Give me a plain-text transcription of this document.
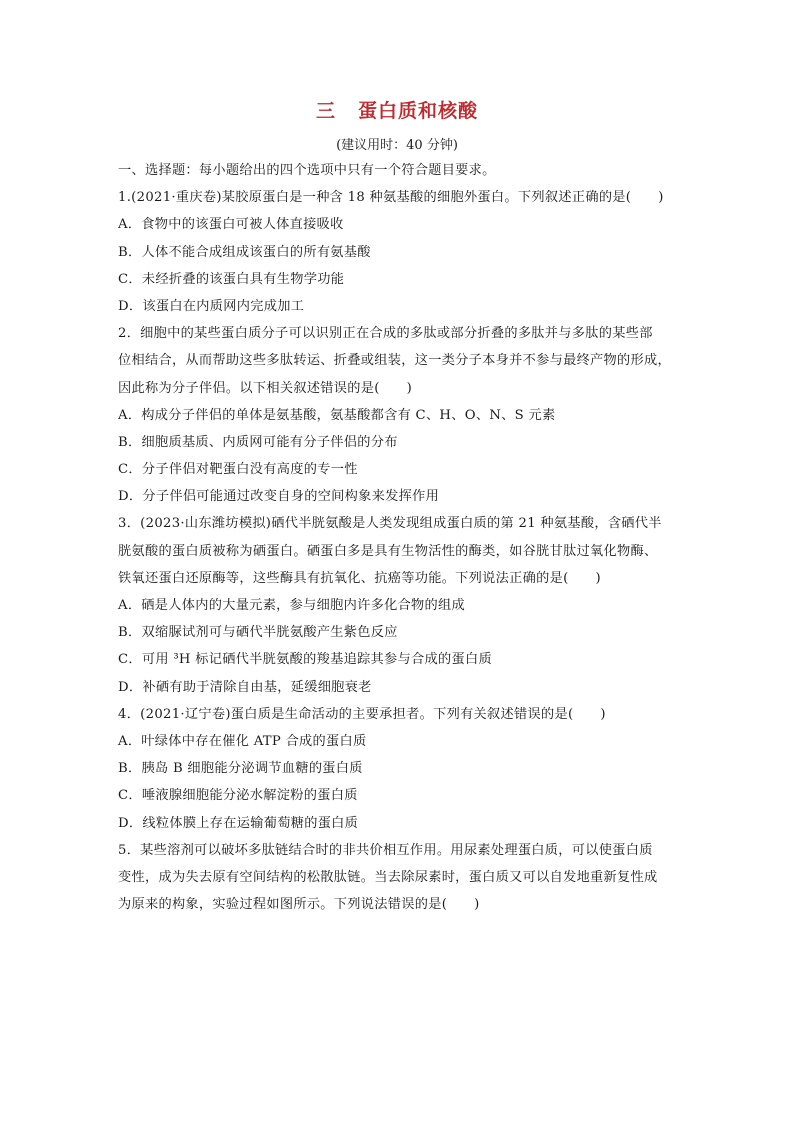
三 蛋白质和核酸
(建议用时：40 分钟)
一、选择题：每小题给出的四个选项中只有一个符合题目要求。
1.(2021·重庆卷)某胶原蛋白是一种含 18 种氨基酸的细胞外蛋白。下列叙述正确的是(　　)
A．食物中的该蛋白可被人体直接吸收
B．人体不能合成组成该蛋白的所有氨基酸
C．未经折叠的该蛋白具有生物学功能
D．该蛋白在内质网内完成加工
2．细胞中的某些蛋白质分子可以识别正在合成的多肽或部分折叠的多肽并与多肽的某些部
位相结合，从而帮助这些多肽转运、折叠或组装，这一类分子本身并不参与最终产物的形成，
因此称为分子伴侣。以下相关叙述错误的是(　　)
A．构成分子伴侣的单体是氨基酸，氨基酸都含有 C、H、O、N、S 元素
B．细胞质基质、内质网可能有分子伴侣的分布
C．分子伴侣对靶蛋白没有高度的专一性
D．分子伴侣可能通过改变自身的空间构象来发挥作用
3．(2023·山东潍坊模拟)硒代半胱氨酸是人类发现组成蛋白质的第 21 种氨基酸，含硒代半
胱氨酸的蛋白质被称为硒蛋白。硒蛋白多是具有生物活性的酶类，如谷胱甘肽过氧化物酶、
铁氧还蛋白还原酶等，这些酶具有抗氧化、抗癌等功能。下列说法正确的是(　　)
A．硒是人体内的大量元素，参与细胞内许多化合物的组成
B．双缩脲试剂可与硒代半胱氨酸产生紫色反应
C．可用 ³H 标记硒代半胱氨酸的羧基追踪其参与合成的蛋白质
D．补硒有助于清除自由基，延缓细胞衰老
4．(2021·辽宁卷)蛋白质是生命活动的主要承担者。下列有关叙述错误的是(　　)
A．叶绿体中存在催化 ATP 合成的蛋白质
B．胰岛 B 细胞能分泌调节血糖的蛋白质
C．唾液腺细胞能分泌水解淀粉的蛋白质
D．线粒体膜上存在运输葡萄糖的蛋白质
5．某些溶剂可以破坏多肽链结合时的非共价相互作用。用尿素处理蛋白质，可以使蛋白质
变性，成为失去原有空间结构的松散肽链。当去除尿素时，蛋白质又可以自发地重新复性成
为原来的构象，实验过程如图所示。下列说法错误的是(　　)
